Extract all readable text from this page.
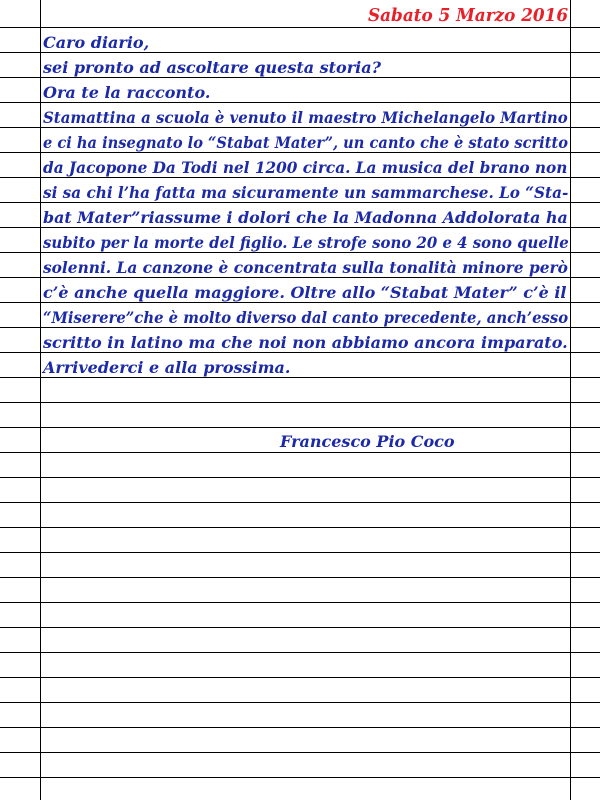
Sabato 5 Marzo 2016
Caro diario,
sei pronto ad ascoltare questa storia?
Ora te la racconto.
Stamattina a scuola è venuto il maestro Michelangelo Martino
e ci ha insegnato lo “Stabat Mater”, un canto che è stato scritto
da Jacopone Da Todi nel 1200 circa. La musica del brano non
si sa chi l’ha fatta ma sicuramente un sammarchese. Lo “Sta-
bat Mater”riassume i dolori che la Madonna Addolorata ha
subito per la morte del figlio. Le strofe sono 20 e 4 sono quelle
solenni. La canzone è concentrata sulla tonalità minore però
c’è anche quella maggiore. Oltre allo “Stabat Mater” c’è il
“Miserere”che è molto diverso dal canto precedente, anch’esso
scritto in latino ma che noi non abbiamo ancora imparato.
Arrivederci e alla prossima.
Francesco Pio Coco
